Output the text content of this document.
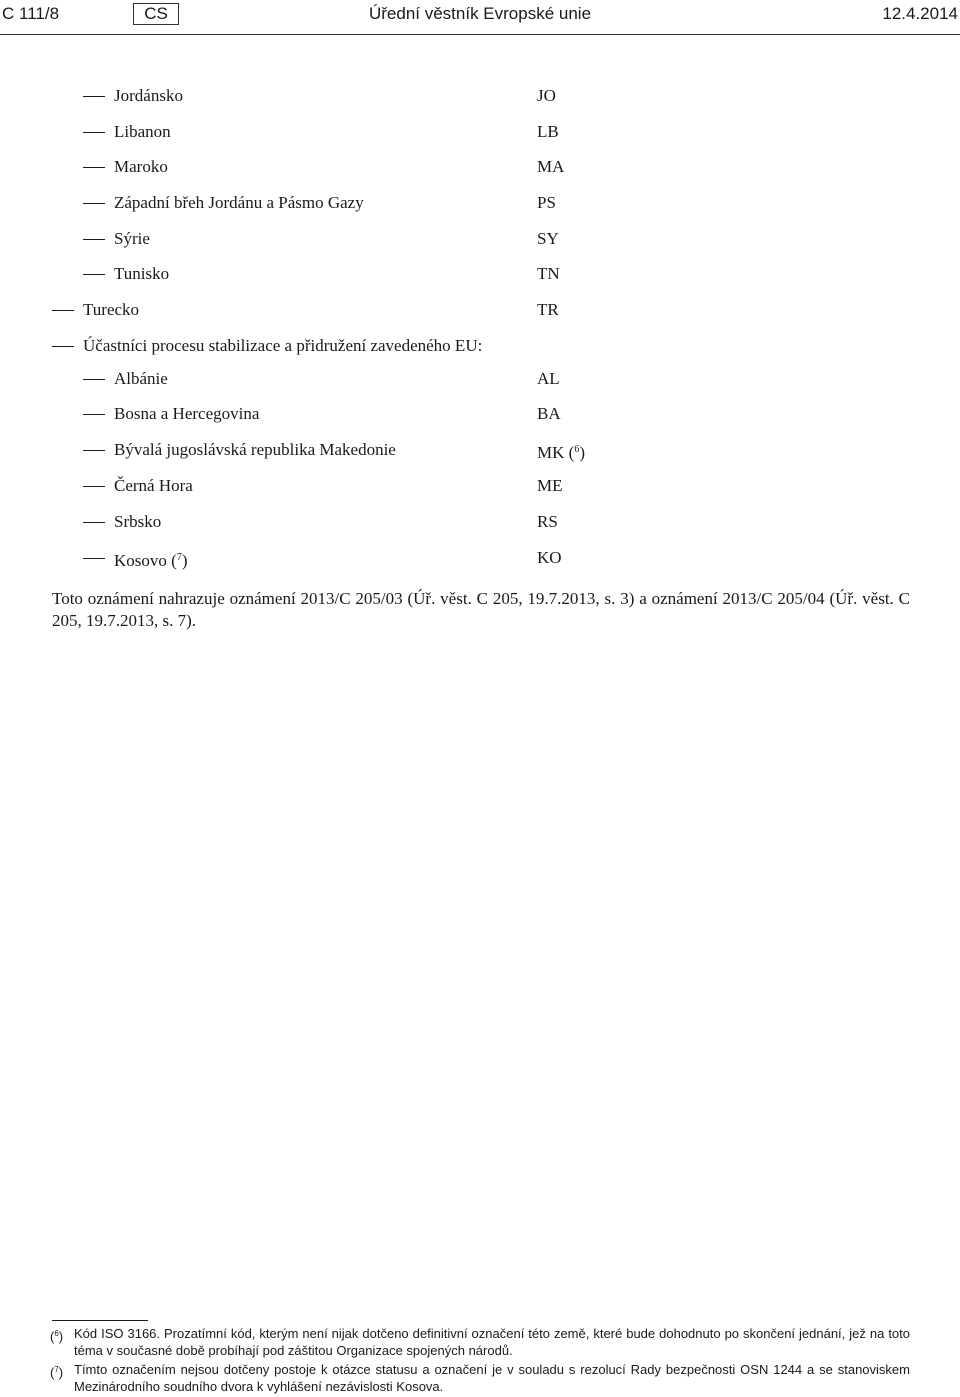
C 111/8	CS	Úřední věstník Evropské unie	12.4.2014
Jordánsko	JO
Libanon	LB
Maroko	MA
Západní břeh Jordánu a Pásmo Gazy	PS
Sýrie	SY
Tunisko	TN
Turecko	TR
Účastníci procesu stabilizace a přidružení zavedeného EU:
Albánie	AL
Bosna a Hercegovina	BA
Bývalá jugoslávská republika Makedonie	MK ($^6$)
Černá Hora	ME
Srbsko	RS
Kosovo ($^7$)	KO

Toto oznámení nahrazuje oznámení 2013/C 205/03 (Úř. věst. C 205, 19.7.2013, s. 3) a oznámení 2013/C 205/04 (Úř. věst. C 205, 19.7.2013, s. 7).

($^6$) Kód ISO 3166. Prozatímní kód, kterým není nijak dotčeno definitivní označení této země, které bude dohodnuto po skončení jednání, jež na toto téma v současné době probíhají pod záštitou Organizace spojených národů.
($^7$) Tímto označením nejsou dotčeny postoje k otázce statusu a označení je v souladu s rezolucí Rady bezpečnosti OSN 1244 a se stanoviskem Mezinárodního soudního dvora k vyhlášení nezávislosti Kosova.
